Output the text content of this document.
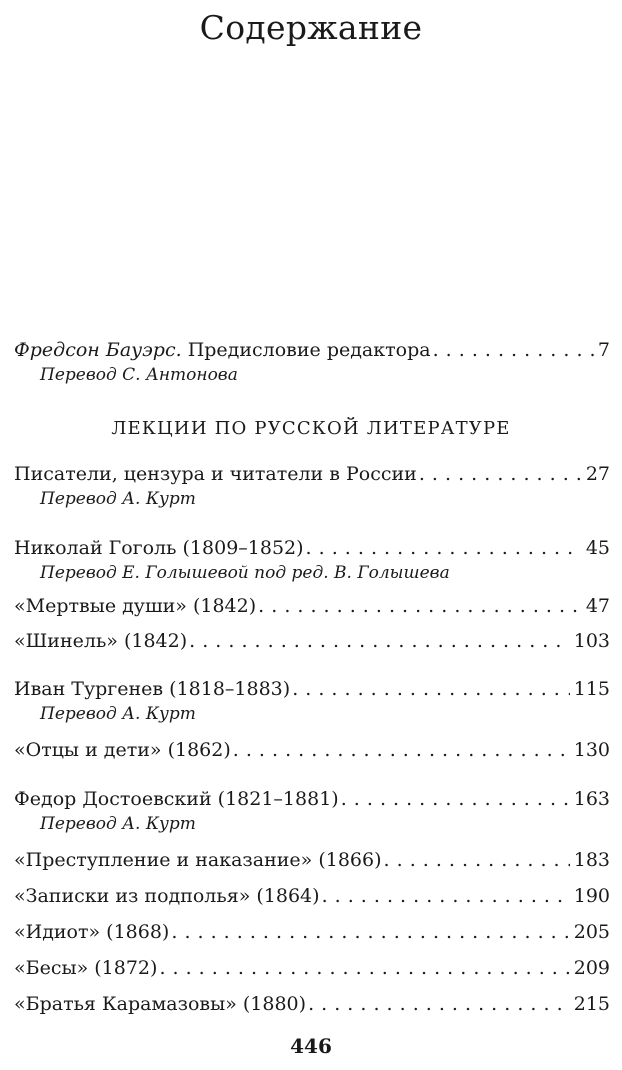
Содержание
Фредсон Бауэрс. Предисловие редактора . . .	7
Перевод С. Антонова
ЛЕКЦИИ ПО РУССКОЙ ЛИТЕРАТУРЕ
Писатели, цензура и читатели в России . . .	27
Перевод А. Курт
Николай Гоголь (1809–1852) . . .	45
Перевод Е. Голышевой под ред. В. Голышева
«Мертвые души» (1842) . . .	47
«Шинель» (1842) . . .	103
Иван Тургенев (1818–1883) . . .	115
Перевод А. Курт
«Отцы и дети» (1862) . . .	130
Федор Достоевский (1821–1881) . . .	163
Перевод А. Курт
«Преступление и наказание» (1866) . . .	183
«Записки из подполья» (1864) . . .	190
«Идиот» (1868) . . .	205
«Бесы» (1872) . . .	209
«Братья Карамазовы» (1880) . . .	215
446
